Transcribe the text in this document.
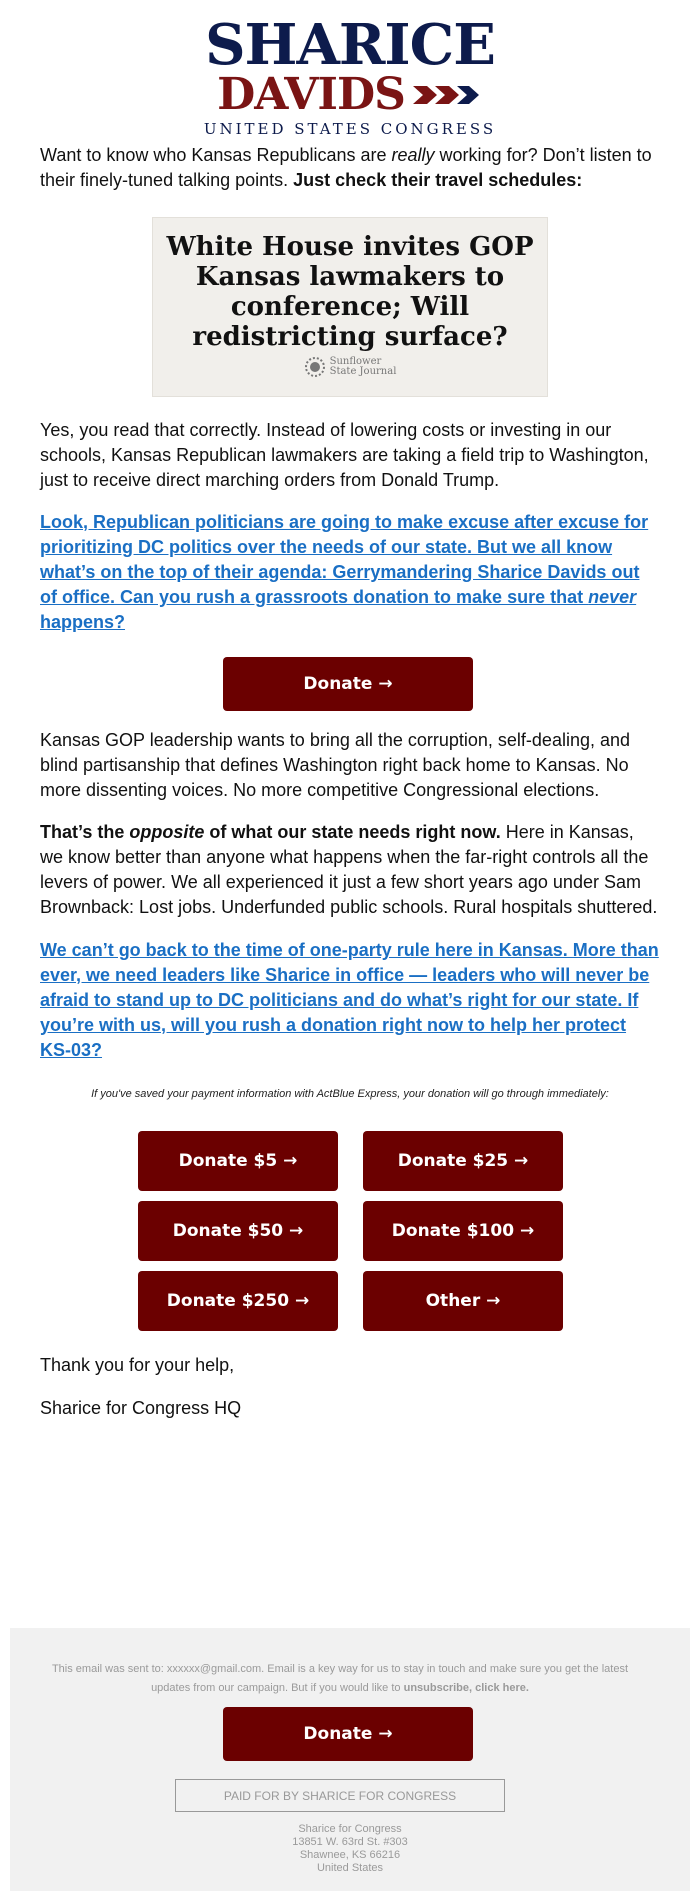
SHARICE
DAVIDS
UNITED STATES CONGRESS
Want to know who Kansas Republicans are really working for? Don’t listen to their finely-tuned talking points. Just check their travel schedules:
White House invites GOP Kansas lawmakers to conference; Will redistricting surface?
Sunflower
State Journal
Yes, you read that correctly. Instead of lowering costs or investing in our schools, Kansas Republican lawmakers are taking a field trip to Washington, just to receive direct marching orders from Donald Trump.
Look, Republican politicians are going to make excuse after excuse for prioritizing DC politics over the needs of our state. But we all know what’s on the top of their agenda: Gerrymandering Sharice Davids out of office. Can you rush a grassroots donation to make sure that never happens?
Donate →
Kansas GOP leadership wants to bring all the corruption, self-dealing, and blind partisanship that defines Washington right back home to Kansas. No more dissenting voices. No more competitive Congressional elections.
That’s the opposite of what our state needs right now. Here in Kansas, we know better than anyone what happens when the far-right controls all the levers of power. We all experienced it just a few short years ago under Sam Brownback: Lost jobs. Underfunded public schools. Rural hospitals shuttered.
We can’t go back to the time of one-party rule here in Kansas. More than ever, we need leaders like Sharice in office — leaders who will never be afraid to stand up to DC politicians and do what’s right for our state. If you’re with us, will you rush a donation right now to help her protect KS-03?
If you've saved your payment information with ActBlue Express, your donation will go through immediately:
Donate $5 →	Donate $25 →
Donate $50 →	Donate $100 →
Donate $250 →	Other →
Thank you for your help,
Sharice for Congress HQ
This email was sent to: xxxxxx@gmail.com. Email is a key way for us to stay in touch and make sure you get the latest updates from our campaign. But if you would like to unsubscribe, click here.
Donate →
PAID FOR BY SHARICE FOR CONGRESS
Sharice for Congress
13851 W. 63rd St. #303
Shawnee, KS 66216
United States
